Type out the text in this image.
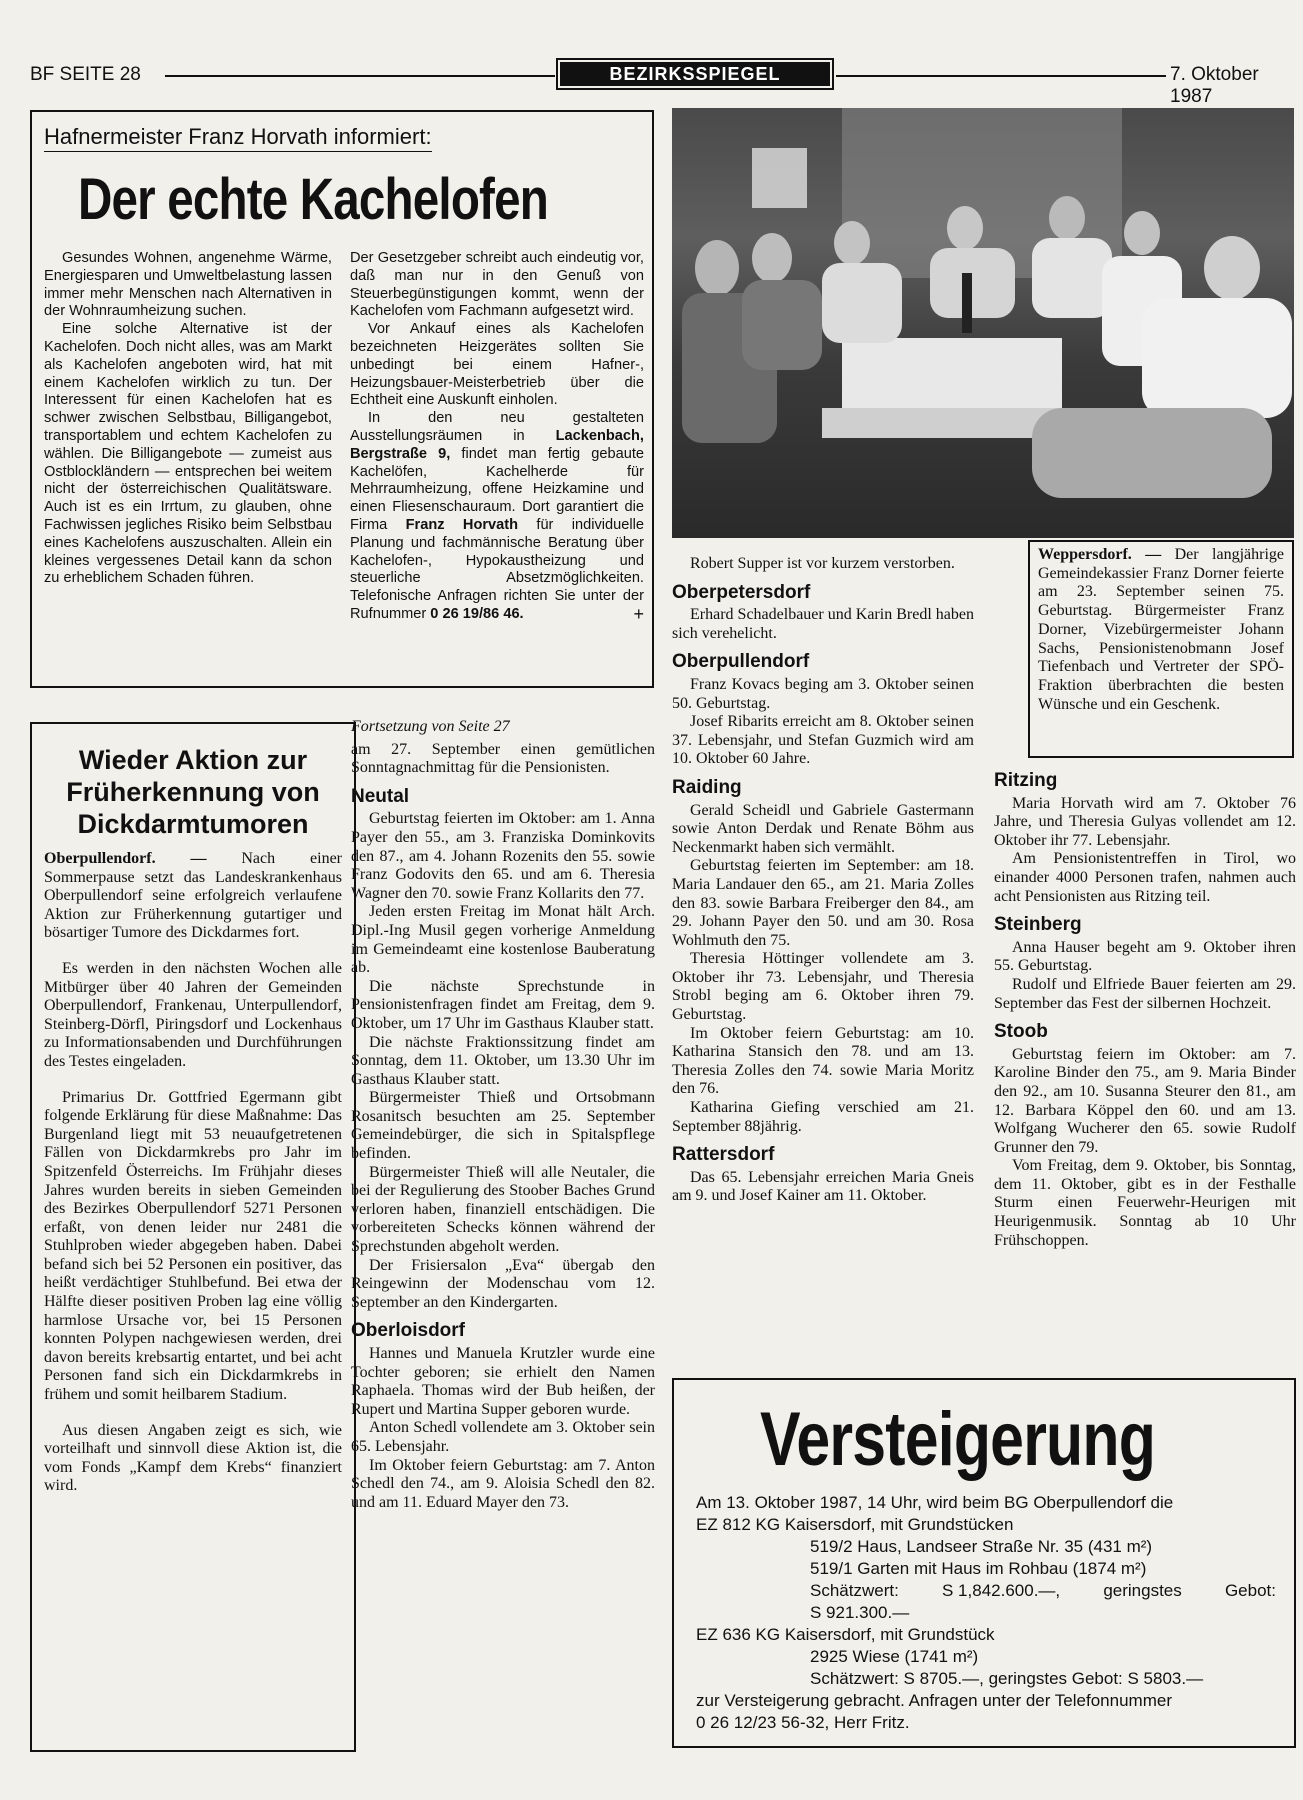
BF SEITE 28	BEZIRKSSPIEGEL	7. Oktober 1987
Hafnermeister Franz Horvath informiert:
Der echte Kachelofen

Gesundes Wohnen, angenehme Wärme, Energiesparen und Umweltbelastung lassen immer mehr Menschen nach Alternativen in der Wohnraumheizung suchen.

Eine solche Alternative ist der Kachelofen. Doch nicht alles, was am Markt als Kachelofen angeboten wird, hat mit einem Kachelofen wirklich zu tun. Der Interessent für einen Kachelofen hat es schwer zwischen Selbstbau, Billigangebot, transportablem und echtem Kachelofen zu wählen. Die Billigangebote — zumeist aus Ostblockländern — entsprechen bei weitem nicht der österreichischen Qualitätsware. Auch ist es ein Irrtum, zu glauben, ohne Fachwissen jegliches Risiko beim Selbstbau eines Kachelofens auszuschalten. Allein ein kleines vergessenes Detail kann da schon zu erheblichem Schaden führen.

Der Gesetzgeber schreibt auch eindeutig vor, daß man nur in den Genuß von Steuerbegünstigungen kommt, wenn der Kachelofen vom Fachmann aufgesetzt wird.

Vor Ankauf eines als Kachelofen bezeichneten Heizgerätes sollten Sie unbedingt bei einem Hafner-, Heizungsbauer-Meisterbetrieb über die Echtheit eine Auskunft einholen.

In den neu gestalteten Ausstellungsräumen in Lackenbach, Bergstraße 9, findet man fertig gebaute Kachelöfen, Kachelherde für Mehrraumheizung, offene Heizkamine und einen Fliesenschauraum. Dort garantiert die Firma Franz Horvath für individuelle Planung und fachmännische Beratung über Kachelofen-, Hypokaustheizung und steuerliche Absetzmöglichkeiten. Telefonische Anfragen richten Sie unter der Rufnummer 0 26 19/86 46.	+

Weppersdorf. — Der langjährige Gemeindekassier Franz Dorner feierte am 23. September seinen 75. Geburtstag. Bürgermeister Franz Dorner, Vizebürgermeister Johann Sachs, Pensionistenobmann Josef Tiefenbach und Vertreter der SPÖ-Fraktion überbrachten die besten Wünsche und ein Geschenk.
Wieder Aktion zur Früherkennung von Dickdarmtumoren

Oberpullendorf. — Nach einer Sommerpause setzt das Landeskrankenhaus Oberpullendorf seine erfolgreich verlaufene Aktion zur Früherkennung gutartiger und bösartiger Tumore des Dickdarmes fort.

Es werden in den nächsten Wochen alle Mitbürger über 40 Jahren der Gemeinden Oberpullendorf, Frankenau, Unterpullendorf, Steinberg-Dörfl, Piringsdorf und Lockenhaus zu Informationsabenden und Durchführungen des Testes eingeladen.

Primarius Dr. Gottfried Egermann gibt folgende Erklärung für diese Maßnahme: Das Burgenland liegt mit 53 neuaufgetretenen Fällen von Dickdarmkrebs pro Jahr im Spitzenfeld Österreichs. Im Frühjahr dieses Jahres wurden bereits in sieben Gemeinden des Bezirkes Oberpullendorf 5271 Personen erfaßt, von denen leider nur 2481 die Stuhlproben wieder abgegeben haben. Dabei befand sich bei 52 Personen ein positiver, das heißt verdächtiger Stuhlbefund. Bei etwa der Hälfte dieser positiven Proben lag eine völlig harmlose Ursache vor, bei 15 Personen konnten Polypen nachgewiesen werden, drei davon bereits krebsartig entartet, und bei acht Personen fand sich ein Dickdarmkrebs in frühem und somit heilbarem Stadium.

Aus diesen Angaben zeigt es sich, wie vorteilhaft und sinnvoll diese Aktion ist, die vom Fonds „Kampf dem Krebs“ finanziert wird.

Fortsetzung von Seite 27

am 27. September einen gemütlichen Sonntagnachmittag für die Pensionisten.

Neutal

Geburtstag feierten im Oktober: am 1. Anna Payer den 55., am 3. Franziska Dominkovits den 87., am 4. Johann Rozenits den 55. sowie Franz Godovits den 65. und am 6. Theresia Wagner den 70. sowie Franz Kollarits den 77.

Jeden ersten Freitag im Monat hält Arch. Dipl.-Ing Musil gegen vorherige Anmeldung im Gemeindeamt eine kostenlose Bauberatung ab.

Die nächste Sprechstunde in Pensionistenfragen findet am Freitag, dem 9. Oktober, um 17 Uhr im Gasthaus Klauber statt.

Die nächste Fraktionssitzung findet am Sonntag, dem 11. Oktober, um 13.30 Uhr im Gasthaus Klauber statt.

Bürgermeister Thieß und Ortsobmann Rosanitsch besuchten am 25. September Gemeindebürger, die sich in Spitalspflege befinden.

Bürgermeister Thieß will alle Neutaler, die bei der Regulierung des Stoober Baches Grund verloren haben, finanziell entschädigen. Die vorbereiteten Schecks können während der Sprechstunden abgeholt werden.

Der Frisiersalon „Eva“ übergab den Reingewinn der Modenschau vom 12. September an den Kindergarten.

Oberloisdorf

Hannes und Manuela Krutzler wurde eine Tochter geboren; sie erhielt den Namen Raphaela. Thomas wird der Bub heißen, der Rupert und Martina Supper geboren wurde.

Anton Schedl vollendete am 3. Oktober sein 65. Lebensjahr.

Im Oktober feiern Geburtstag: am 7. Anton Schedl den 74., am 9. Aloisia Schedl den 82. und am 11. Eduard Mayer den 73.

Robert Supper ist vor kurzem verstorben.

Oberpetersdorf

Erhard Schadelbauer und Karin Bredl haben sich verehelicht.

Oberpullendorf

Franz Kovacs beging am 3. Oktober seinen 50. Geburtstag.

Josef Ribarits erreicht am 8. Oktober seinen 37. Lebensjahr, und Stefan Guzmich wird am 10. Oktober 60 Jahre.

Raiding

Gerald Scheidl und Gabriele Gastermann sowie Anton Derdak und Renate Böhm aus Neckenmarkt haben sich vermählt.

Geburtstag feierten im September: am 18. Maria Landauer den 65., am 21. Maria Zolles den 83. sowie Barbara Freiberger den 84., am 29. Johann Payer den 50. und am 30. Rosa Wohlmuth den 75.

Theresia Höttinger vollendete am 3. Oktober ihr 73. Lebensjahr, und Theresia Strobl beging am 6. Oktober ihren 79. Geburtstag.

Im Oktober feiern Geburtstag: am 10. Katharina Stansich den 78. und am 13. Theresia Zolles den 74. sowie Maria Moritz den 76.

Katharina Giefing verschied am 21. September 88jährig.

Rattersdorf

Das 65. Lebensjahr erreichen Maria Gneis am 9. und Josef Kainer am 11. Oktober.

Ritzing

Maria Horvath wird am 7. Oktober 76 Jahre, und Theresia Gulyas vollendet am 12. Oktober ihr 77. Lebensjahr.

Am Pensionistentreffen in Tirol, wo einander 4000 Personen trafen, nahmen auch acht Pensionisten aus Ritzing teil.

Steinberg

Anna Hauser begeht am 9. Oktober ihren 55. Geburtstag.

Rudolf und Elfriede Bauer feierten am 29. September das Fest der silbernen Hochzeit.

Stoob

Geburtstag feiern im Oktober: am 7. Karoline Binder den 75., am 9. Maria Binder den 92., am 10. Susanna Steurer den 81., am 12. Barbara Köppel den 60. und am 13. Wolfgang Wucherer den 65. sowie Rudolf Grunner den 79.

Vom Freitag, dem 9. Oktober, bis Sonntag, dem 11. Oktober, gibt es in der Festhalle Sturm einen Feuerwehr-Heurigen mit Heurigenmusik. Sonntag ab 10 Uhr Frühschoppen.

Versteigerung
Am 13. Oktober 1987, 14 Uhr, wird beim BG Oberpullendorf die
EZ 812 KG Kaisersdorf, mit Grundstücken
519/2 Haus, Landseer Straße Nr. 35 (431 m²)
519/1 Garten mit Haus im Rohbau (1874 m²)
Schätzwert:	S 1,842.600.—,	geringstes	Gebot:
S 921.300.—
EZ 636 KG Kaisersdorf, mit Grundstück
2925 Wiese (1741 m²)
Schätzwert: S 8705.—, geringstes Gebot: S 5803.—
zur Versteigerung gebracht. Anfragen unter der Telefonnummer
0 26 12/23 56-32, Herr Fritz.
